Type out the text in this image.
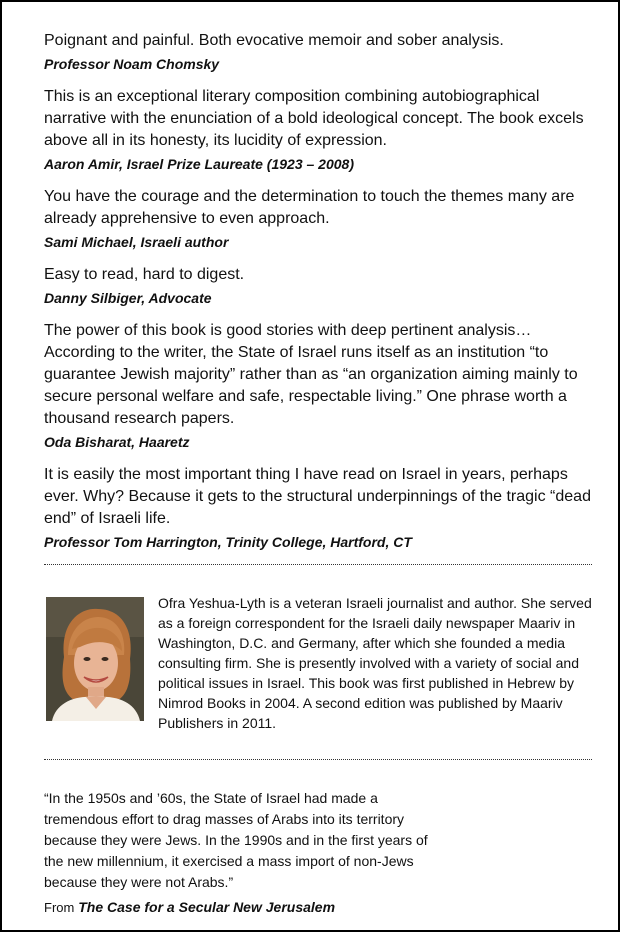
Poignant and painful. Both evocative memoir and sober analysis.

Professor Noam Chomsky

This is an exceptional literary composition combining autobiographical narrative with the enunciation of a bold ideological concept. The book excels above all in its honesty, its lucidity of expression.

Aaron Amir, Israel Prize Laureate (1923 – 2008)

You have the courage and the determination to touch the themes many are already apprehensive to even approach.

Sami Michael, Israeli author

Easy to read, hard to digest.

Danny Silbiger, Advocate

The power of this book is good stories with deep pertinent analysis… According to the writer, the State of Israel runs itself as an institution “to guarantee Jewish majority” rather than as “an organization aiming mainly to secure personal welfare and safe, respectable living.” One phrase worth a thousand research papers.

Oda Bisharat, Haaretz

It is easily the most important thing I have read on Israel in years, perhaps ever. Why? Because it gets to the structural underpinnings of the tragic “dead end” of Israeli life.

Professor Tom Harrington, Trinity College, Hartford, CT

Ofra Yeshua-Lyth is a veteran Israeli journalist and author. She served as a foreign correspondent for the Israeli daily newspaper Maariv in Washington, D.C. and Germany, after which she founded a media consulting firm. She is presently involved with a variety of social and political issues in Israel. This book was first published in Hebrew by Nimrod Books in 2004. A second edition was published by Maariv Publishers in 2011.

“In the 1950s and ’60s, the State of Israel had made a tremendous effort to drag masses of Arabs into its territory because they were Jews. In the 1990s and in the first years of the new millennium, it exercised a mass import of non-Jews because they were not Arabs.”

From The Case for a Secular New Jerusalem
